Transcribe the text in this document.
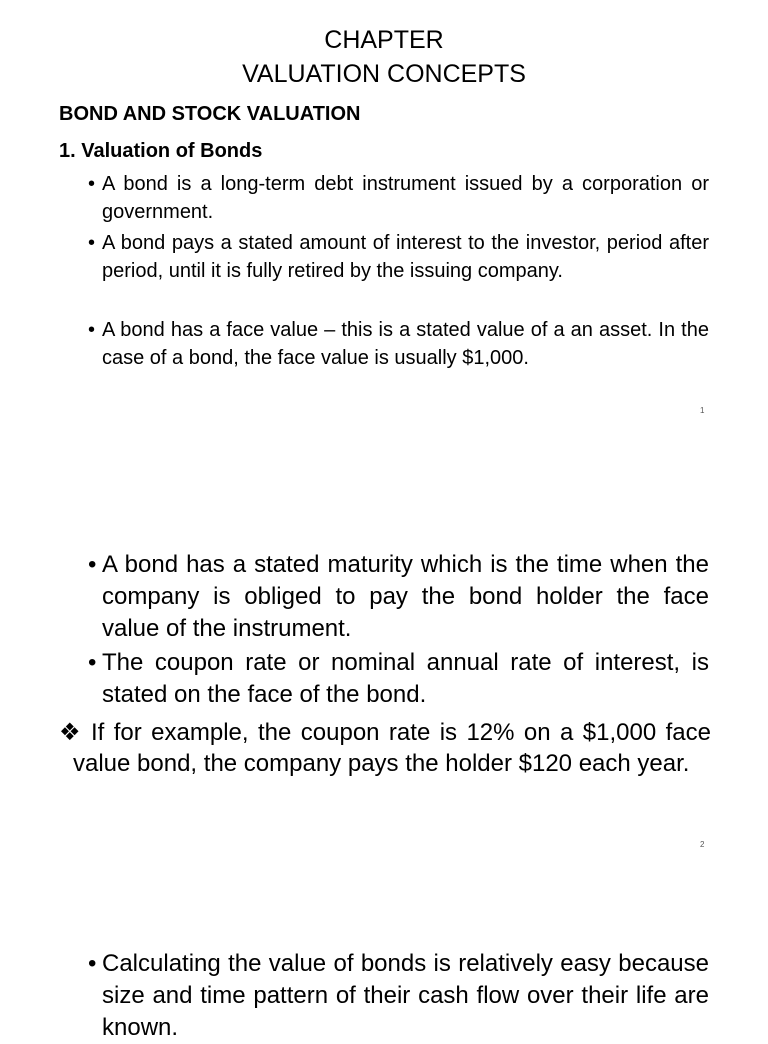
CHAPTER
VALUATION CONCEPTS
BOND AND STOCK VALUATION
1. Valuation of Bonds
• A bond is a long-term debt instrument issued by a corporation or government.
• A bond pays a stated amount of interest to the investor, period after period, until it is fully retired by the issuing company.
• A bond has a face value – this is a stated value of a an asset. In the case of a bond, the face value is usually $1,000.
1
• A bond has a stated maturity which is the time when the company is obliged to pay the bond holder the face value of the instrument.
• The coupon rate or nominal annual rate of interest, is stated on the face of the bond.
❖ If for example, the coupon rate is 12% on a $1,000 face value bond, the company pays the holder $120 each year.
2
• Calculating the value of bonds is relatively easy because size and time pattern of their cash flow over their life are known.
